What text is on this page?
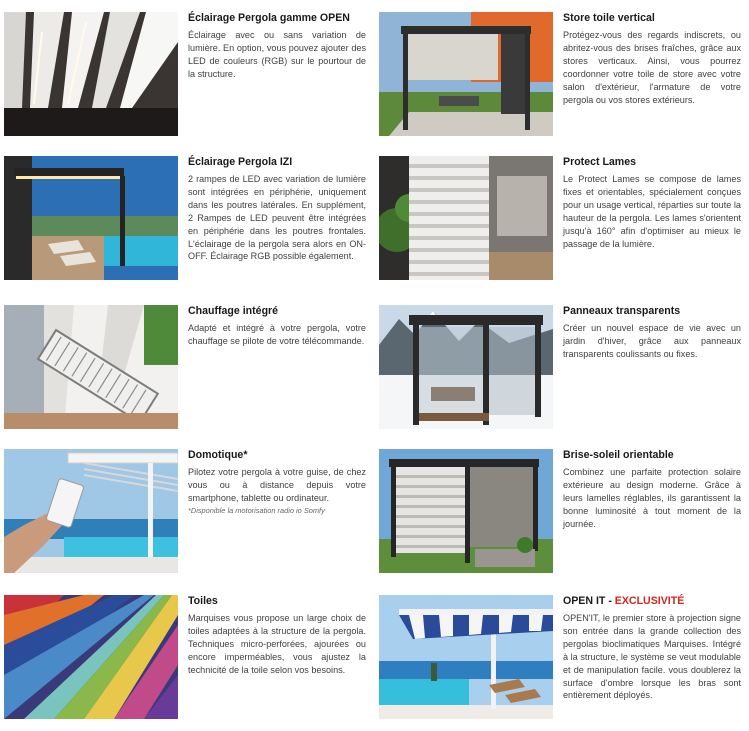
Éclairage Pergola gamme OPEN
Éclairage avec ou sans variation de lumière. En option, vous pouvez ajouter des LED de couleurs (RGB) sur le pourtour de la structure.
Store toile vertical
Protégez-vous des regards indiscrets, ou abritez-vous des brises fraîches, grâce aux stores verticaux. Ainsi, vous pourrez coordonner votre toile de store avec votre salon d'extérieur, l'armature de votre pergola ou vos stores extérieurs.
Éclairage Pergola IZI
2 rampes de LED avec variation de lumière sont intégrées en périphérie, uniquement dans les poutres latérales. En supplément, 2 Rampes de LED peuvent être intégrées en périphérie dans les poutres frontales. L'éclairage de la pergola sera alors en ON-OFF. Éclairage RGB possible également.
Protect Lames
Le Protect Lames se compose de lames fixes et orientables, spécialement conçues pour un usage vertical, réparties sur toute la hauteur de la pergola. Les lames s'orientent jusqu'à 160° afin d'optimiser au mieux le passage de la lumière.
Chauffage intégré
Adapté et intégré à votre pergola, votre chauffage se pilote de votre télécommande.
Panneaux transparents
Créer un nouvel espace de vie avec un jardin d'hiver, grâce aux panneaux transparents coulissants ou fixes.
Domotique*
Pilotez votre pergola à votre guise, de chez vous ou à distance depuis votre smartphone, tablette ou ordinateur.
*Disponible la motorisation radio io Somfy
Brise-soleil orientable
Combinez une parfaite protection solaire extérieure au design moderne. Grâce à leurs lamelles réglables, ils garantissent la bonne luminosité à tout moment de la journée.
Toiles
Marquises vous propose un large choix de toiles adaptées à la structure de la pergola. Techniques micro-perforées, ajourées ou encore imperméables, vous ajustez la technicité de la toile selon vos besoins.
OPEN IT - EXCLUSIVITÉ
OPEN'IT, le premier store à projection signe son entrée dans la grande collection des pergolas bioclimatiques Marquises. Intégré à la structure, le système se veut modulable et de manipulation facile. vous doublerez la surface d'ombre lorsque les bras sont entièrement déployés.
